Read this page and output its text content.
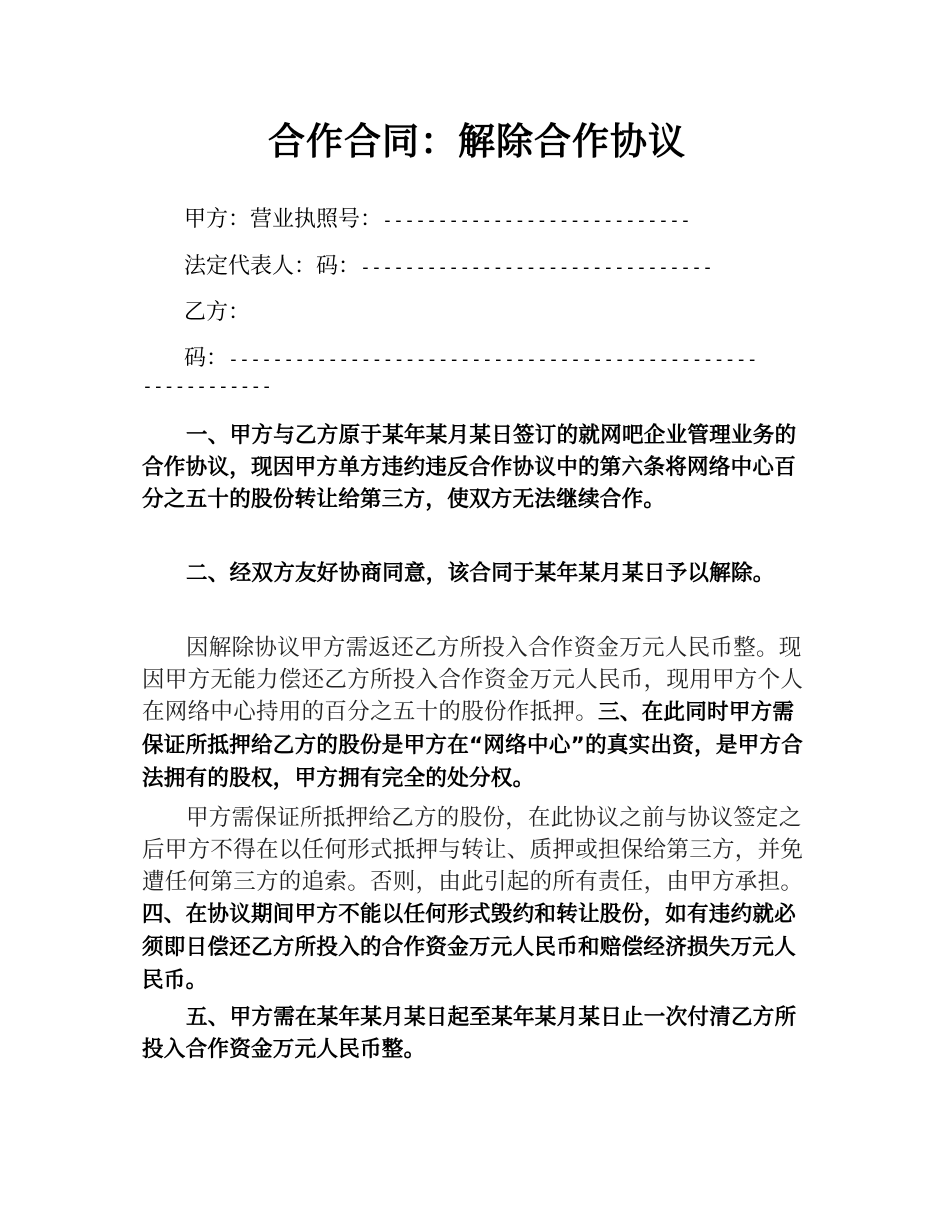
合作合同：解除合作协议
甲方：营业执照号：----------------------------
法定代表人：码：--------------------------------
乙方：
码：------------------------------------------------
------------
一、甲方与乙方原于某年某月某日签订的就网吧企业管理业务的合作协议，现因甲方单方违约违反合作协议中的第六条将网络中心百分之五十的股份转让给第三方，使双方无法继续合作。
二、经双方友好协商同意，该合同于某年某月某日予以解除。
因解除协议甲方需返还乙方所投入合作资金万元人民币整。现因甲方无能力偿还乙方所投入合作资金万元人民币，现用甲方个人在网络中心持用的百分之五十的股份作抵押。三、在此同时甲方需保证所抵押给乙方的股份是甲方在“网络中心”的真实出资，是甲方合法拥有的股权，甲方拥有完全的处分权。
甲方需保证所抵押给乙方的股份，在此协议之前与协议签定之后甲方不得在以任何形式抵押与转让、质押或担保给第三方，并免遭任何第三方的追索。否则，由此引起的所有责任，由甲方承担。四、在协议期间甲方不能以任何形式毁约和转让股份，如有违约就必须即日偿还乙方所投入的合作资金万元人民币和赔偿经济损失万元人民币。
五、甲方需在某年某月某日起至某年某月某日止一次付清乙方所投入合作资金万元人民币整。
